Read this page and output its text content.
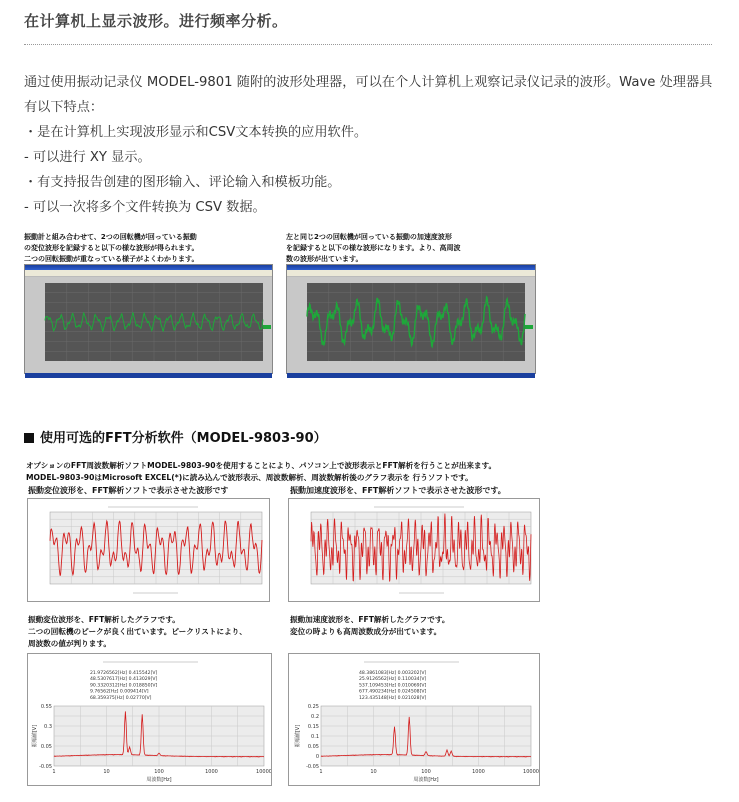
在计算机上显示波形。进行频率分析。

通过使用振动记录仪 MODEL-9801 随附的波形处理器，可以在个人计算机上观察记录仪记录的波形。Wave 处理器具有以下特点：

・是在计算机上实现波形显示和CSV文本转换的应用软件。

- 可以进行 XY 显示。

・有支持报告创建的图形输入、评论输入和模板功能。

- 可以一次将多个文件转换为 CSV 数据。

振動計と組み合わせて、2つの回転機が回っている振動
の変位波形を記録すると以下の様な波形が得られます。
二つの回転振動が重なっている様子がよくわかります。
左と同じ2つの回転機が回っている振動の加速度波形
を記録すると以下の様な波形になります。より、高周波
数の波形が出ています。
使用可选的FFT分析软件（MODEL-9803-90）
オプションのFFT周波数解析ソフトMODEL-9803-90を使用することにより、パソコン上で波形表示とFFT解析を行うことが出来ます。
MODEL-9803-90はMicrosoft EXCEL(*)に読み込んで波形表示、周波数解析、周波数解析後のグラフ表示を 行うソフトです。
振動変位波形を、FFT解析ソフトで表示させた波形です	振動加速度波形を、FFT解析ソフトで表示させた波形です。
振動変位波形を、FFT解析したグラフです。
二つの回転機のピークが良く出ています。ピークリストにより、
周波数の値が判ります。
振動加速度波形を、FFT解析したグラフです。
変位の時よりも高周波数成分が出ています。
21.9726562[Hz] 0.415542[V]
48.5307617[Hz] 0.413029[V]
90.3320312[Hz] 0.018850[V]
9.76562[Hz] 0.009414[V]
68.359375[Hz] 0.02770[V]
0.55
0.3
0.05
-0.05
1	10	100	1000	10000
振幅値[V]
周波数[Hz]
48.3861083[Hz] 0.003202[V]
25.9126562[Hz] 0.110034[V]
537.109453[Hz] 0.010069[V]
677.490234[Hz] 0.024508[V]
123.435148[Hz] 0.021028[V]
0.25
0.2
0.15
0.1
0.05
0
-0.05
1	10	100	1000	10000
振幅値[V]
周波数[Hz]
